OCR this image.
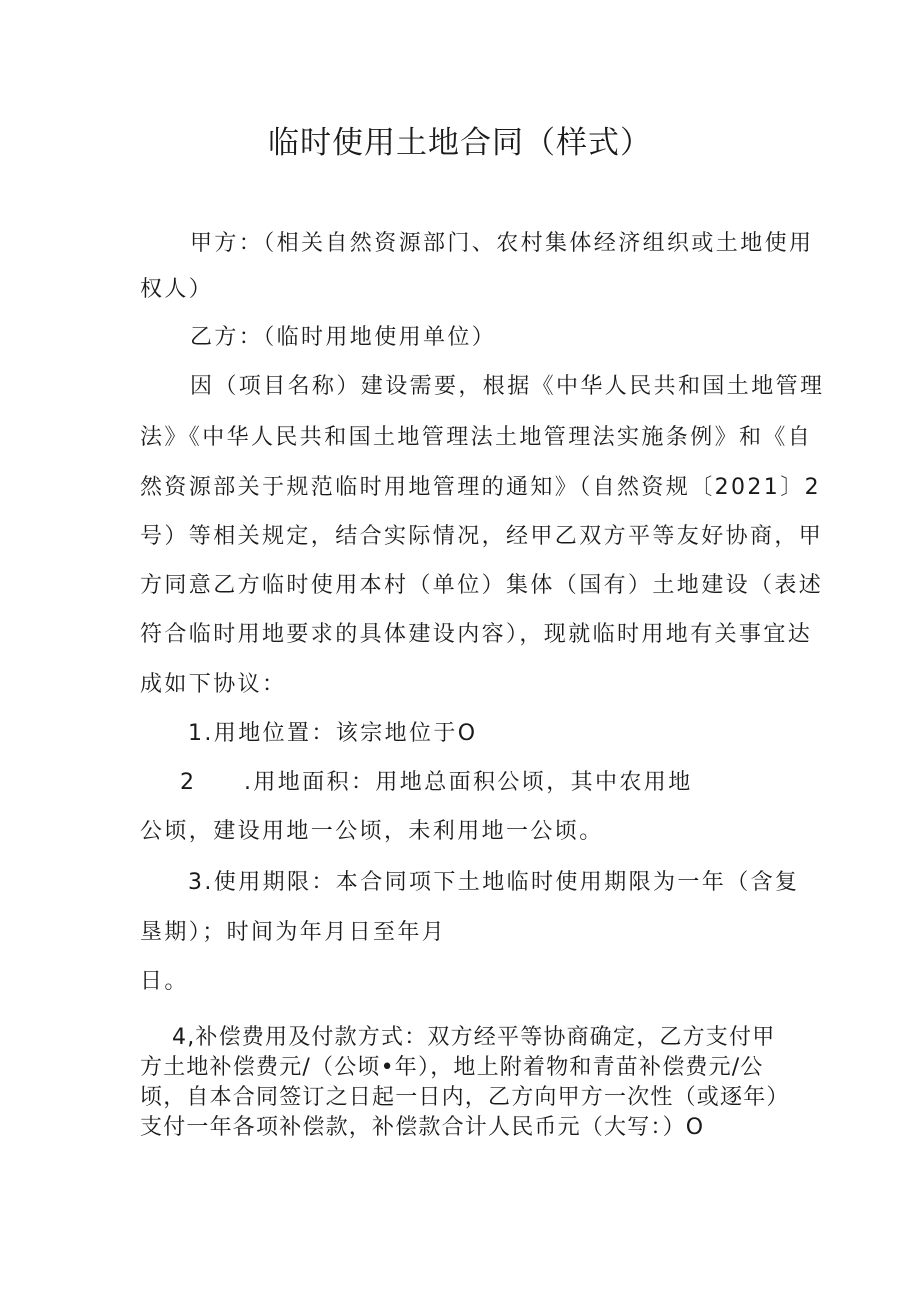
临时使用土地合同（样式）
甲方：（相关自然资源部门、农村集体经济组织或土地使用
权人）
乙方：（临时用地使用单位）
因（项目名称）建设需要，根据《中华人民共和国土地管理
法》《中华人民共和国土地管理法土地管理法实施条例》和《自
然资源部关于规范临时用地管理的通知》（自然资规〔2021〕2
号）等相关规定，结合实际情况，经甲乙双方平等友好协商，甲
方同意乙方临时使用本村（单位）集体（国有）土地建设（表述
符合临时用地要求的具体建设内容），现就临时用地有关事宜达
成如下协议：
1.用地位置：该宗地位于O
2 .用地面积：用地总面积公顷，其中农用地
公顷，建设用地一公顷，未利用地一公顷。
3.使用期限：本合同项下土地临时使用期限为一年（含复
垦期）；时间为年月日至年月
日。
4,补偿费用及付款方式：双方经平等协商确定，乙方支付甲
方土地补偿费元/（公顷•年），地上附着物和青苗补偿费元/公
顷，自本合同签订之日起一日内，乙方向甲方一次性（或逐年）
支付一年各项补偿款，补偿款合计人民币元（大写：）O
